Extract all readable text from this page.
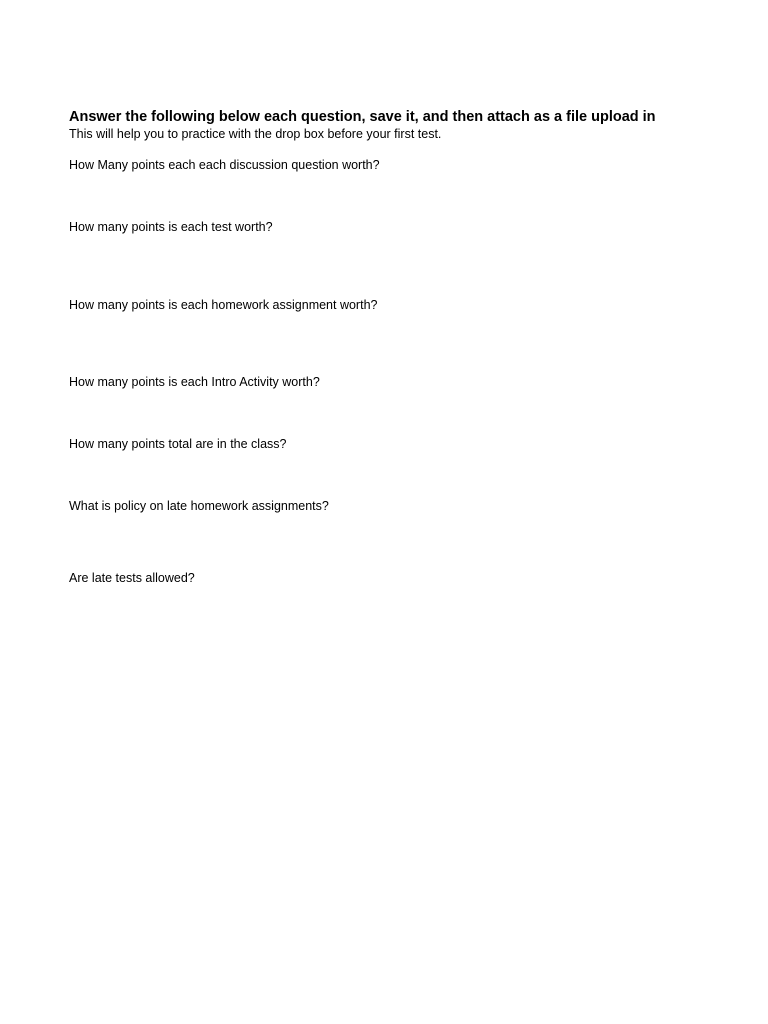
Answer the following below each question, save it, and then attach as a file upload in
This will help you to practice with the drop box before your first test.
How Many points each each discussion question worth?
How many points is each test worth?
How many points is each homework assignment worth?
How many points is each Intro Activity worth?
How many points total are in the class?
What is policy on late homework assignments?
Are late tests allowed?
